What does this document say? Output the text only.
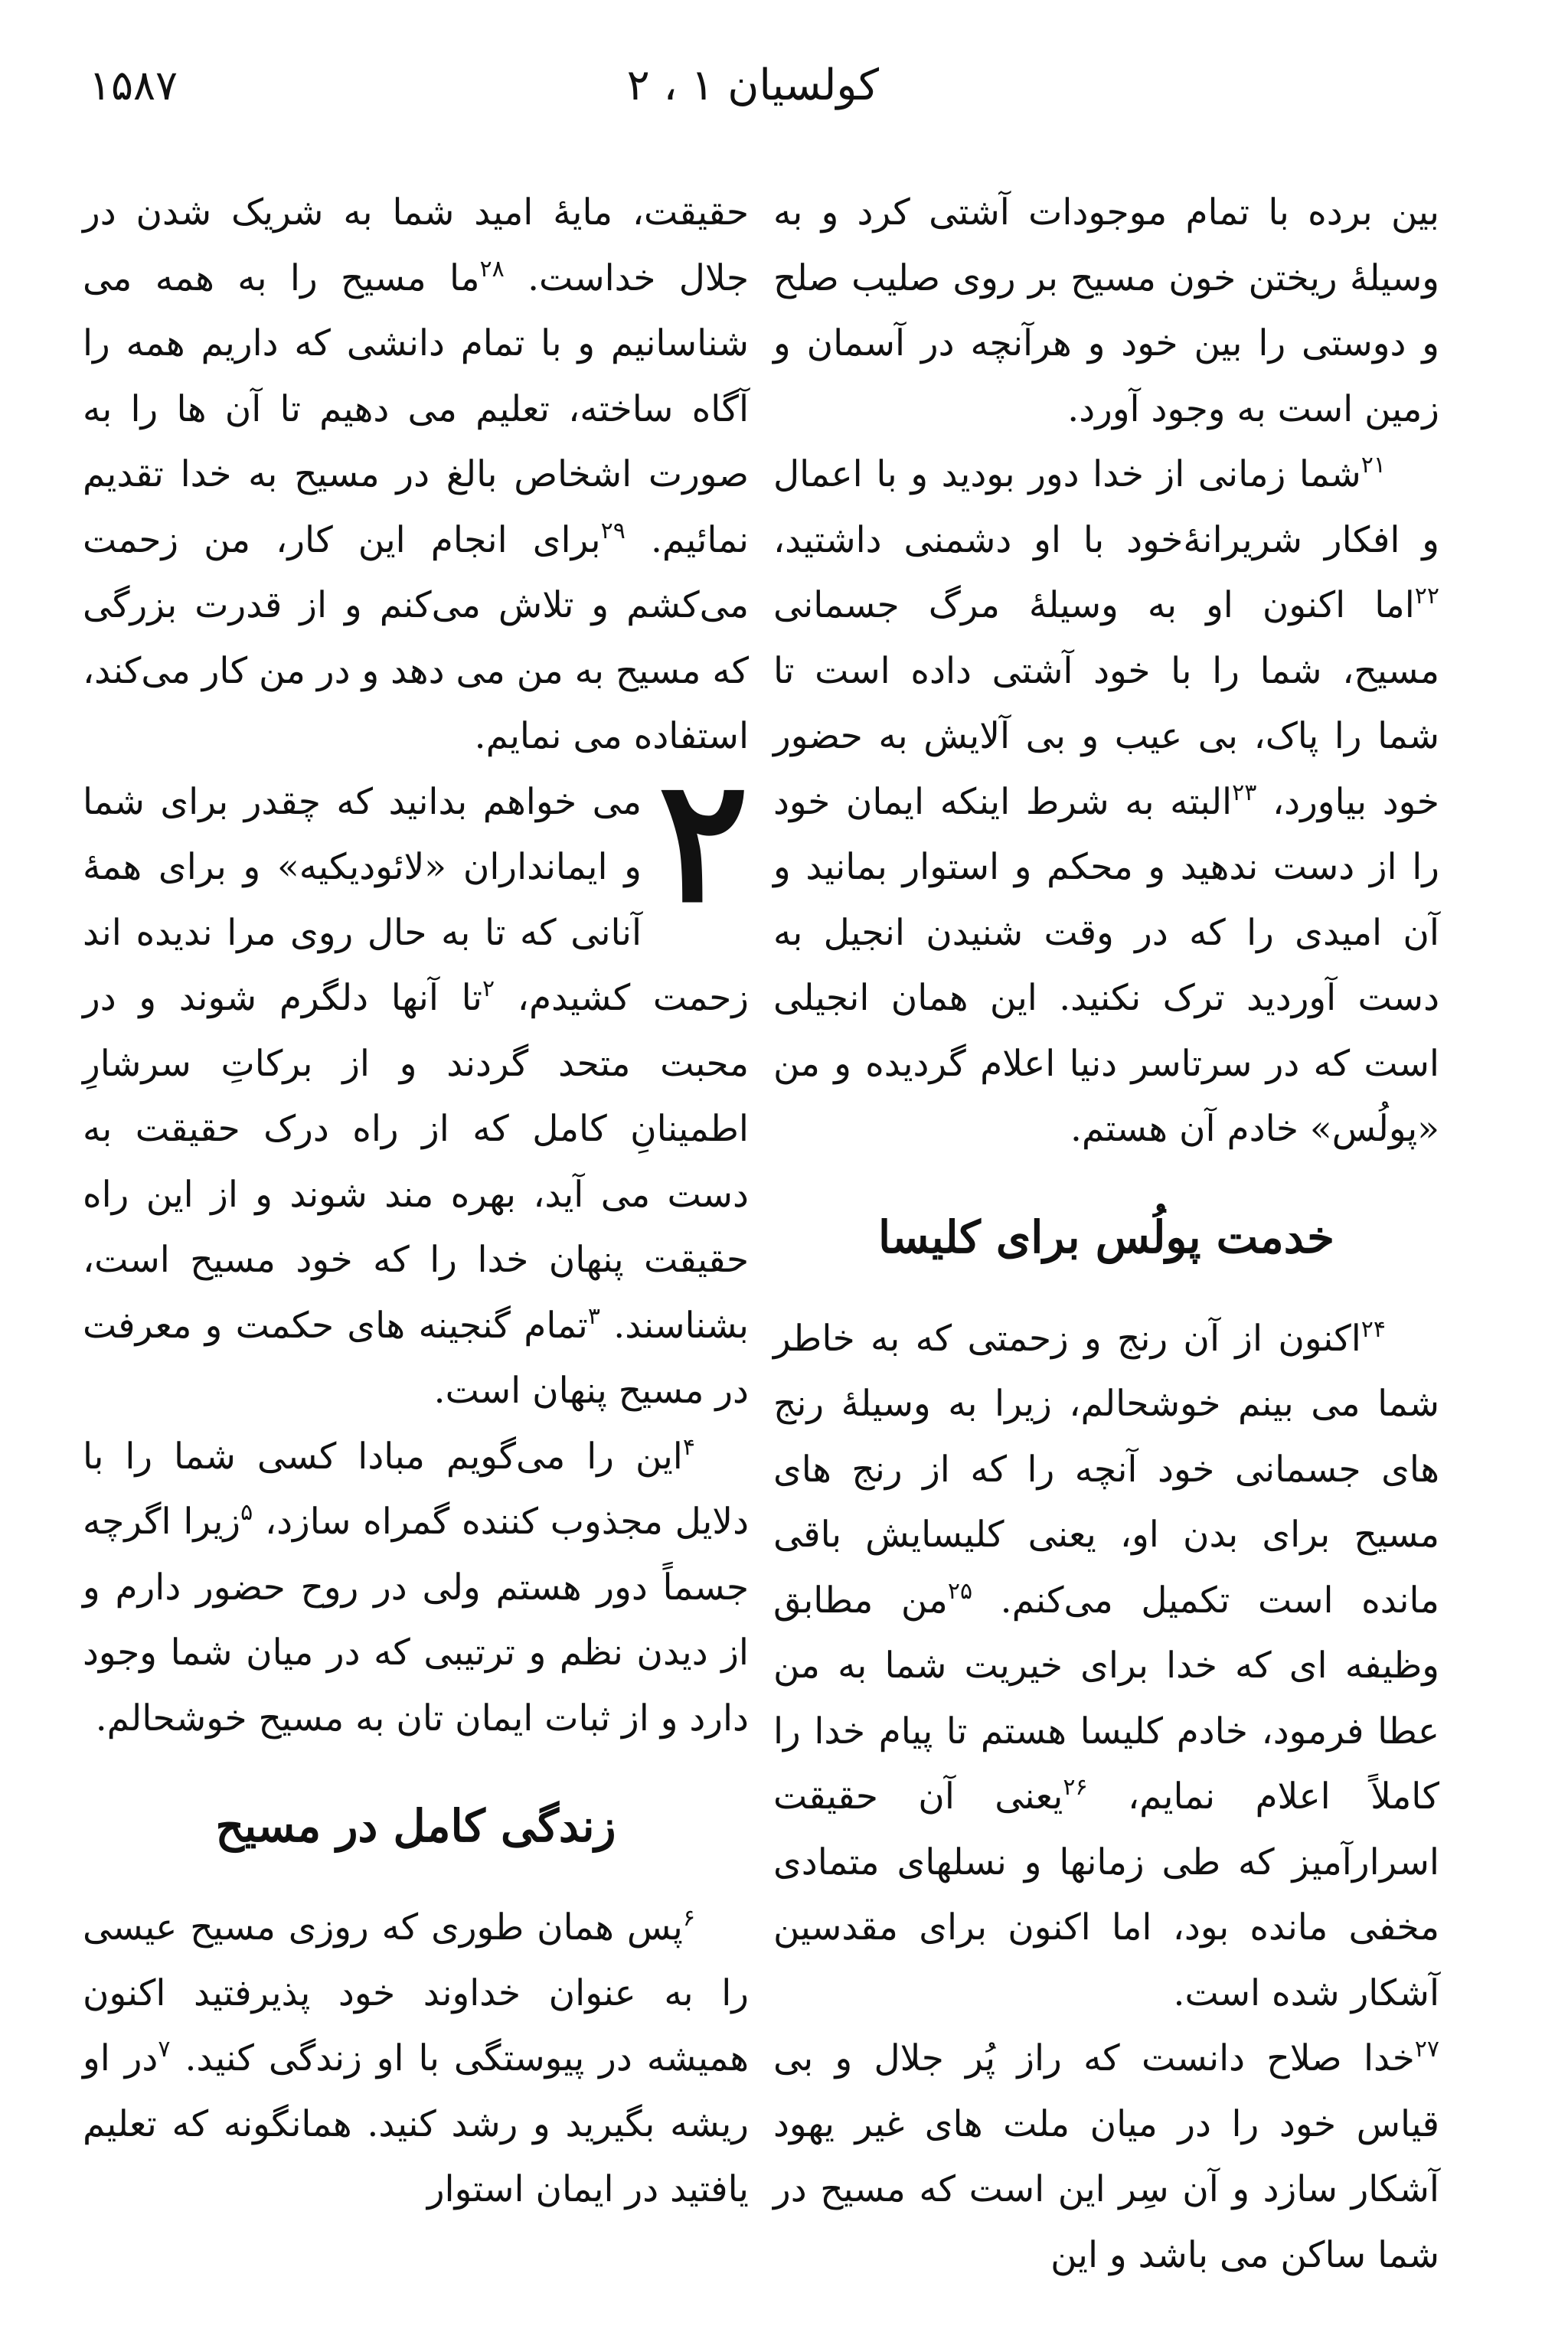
۱۵۸۷	کولسیان ۱ ، ۲

بین برده با تمام موجودات آشتی کرد و به وسیلهٔ ریختن خون مسیح بر روی صلیب صلح و دوستی را بین خود و هرآنچه در آسمان و زمین است به وجود آورد.

$^{۲۱}$شما زمانی از خدا دور بودید و با اعمال و افکار شریرانهٔ‌خود با او دشمنی داشتید، $^{۲۲}$اما اکنون او به وسیلهٔ مرگ جسمانی مسیح، شما را با خود آشتی داده است تا شما را پاک، بی عیب و بی آلایش به حضور خود بیاورد، $^{۲۳}$البته به شرط اینکه ایمان خود را از دست ندهید و محکم و استوار بمانید و آن امیدی را که در وقت شنیدن انجیل به دست آوردید ترک نکنید. این همان انجیلی است که در سرتاسر دنیا اعلام گردیده و من «پولُس» خادم آن هستم.

خدمت پولُس برای کلیسا

$^{۲۴}$اکنون از آن رنج و زحمتی که به خاطر شما می بینم خوشحالم، زیرا به وسیلهٔ رنج های جسمانی خود آنچه را که از رنج های مسیح برای بدن او، یعنی کلیسایش باقی مانده است تکمیل می‌کنم. $^{۲۵}$من مطابق وظیفه ای که خدا برای خیریت شما به من عطا فرمود، خادم کلیسا هستم تا پیام خدا را کاملاً اعلام نمایم، $^{۲۶}$یعنی آن حقیقت اسرارآمیز که طی زمانها و نسلهای متمادی مخفی مانده بود، اما اکنون برای مقدسین آشکار شده است.

$^{۲۷}$خدا صلاح دانست که راز پُر جلال و بی قیاس خود را در میان ملت های غیر یهود آشکار سازد و آن سِر این است که مسیح در شما ساکن می باشد و این

حقیقت، مایهٔ امید شما به شریک شدن در جلال خداست. $^{۲۸}$ما مسیح را به همه می شناسانیم و با تمام دانشی که داریم همه را آگاه ساخته، تعلیم می دهیم تا آن ها را به صورت اشخاص بالغ در مسیح به خدا تقدیم نمائیم. $^{۲۹}$برای انجام این کار، من زحمت می‌کشم و تلاش می‌کنم و از قدرت بزرگی که مسیح به من می دهد و در من کار می‌کند، استفاده می نمایم.

۲
می خواهم بدانید که چقدر برای شما و ایمانداران «لائودیکیه» و برای همهٔ آنانی که تا به حال روی مرا ندیده اند زحمت کشیدم، $^۲$تا آنها دلگرم شوند و در محبت متحد گردند و از برکاتِ سرشارِ اطمینانِ کامل که از راه درک حقیقت به دست می آید، بهره مند شوند و از این راه حقیقت پنهان خدا را که خود مسیح است، بشناسند. $^۳$تمام گنجینه های حکمت و معرفت در مسیح پنهان است.

$^۴$این را می‌گویم مبادا کسی شما را با دلایل مجذوب کننده گمراه سازد، $^۵$زیرا اگرچه جسماً دور هستم ولی در روح حضور دارم و از دیدن نظم و ترتیبی که در میان شما وجود دارد و از ثبات ایمان تان به مسیح خوشحالم.

زندگی کامل در مسیح

$^۶$پس همان طوری که روزی مسیح عیسی را به عنوان خداوند خود پذیرفتید اکنون همیشه در پیوستگی با او زندگی کنید. $^۷$در او ریشه بگیرید و رشد کنید. همانگونه که تعلیم یافتید در ایمان استوار
